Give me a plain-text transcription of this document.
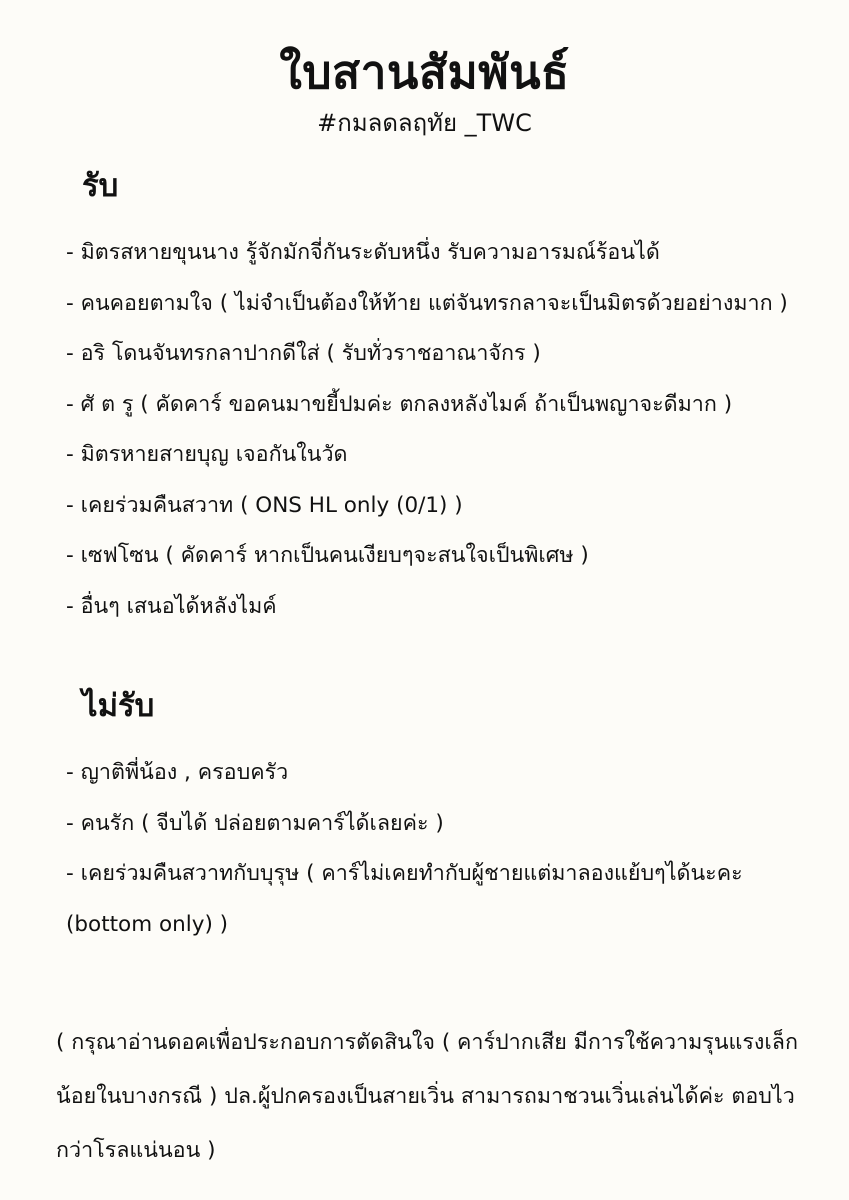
ใบสานสัมพันธ์
#กมลดลฤทัย _TWC
รับ
- มิตรสหายขุนนาง รู้จักมักจี่กันระดับหนึ่ง รับความอารมณ์ร้อนได้
- คนคอยตามใจ ( ไม่จำเป็นต้องให้ท้าย แต่จันทรกลาจะเป็นมิตรด้วยอย่างมาก )
- อริ โดนจันทรกลาปากดีใส่ ( รับทั่วราชอาณาจักร )
- ศั ต รู ( คัดคาร์ ขอคนมาขยี้ปมค่ะ ตกลงหลังไมค์ ถ้าเป็นพญาจะดีมาก )
- มิตรหายสายบุญ เจอกันในวัด
- เคยร่วมคืนสวาท ( ONS HL only (0/1) )
- เซฟโซน ( คัดคาร์ หากเป็นคนเงียบๆจะสนใจเป็นพิเศษ )
- อื่นๆ เสนอได้หลังไมค์
ไม่รับ
- ญาติพี่น้อง , ครอบครัว
- คนรัก ( จีบได้ ปล่อยตามคาร์ได้เลยค่ะ )
- เคยร่วมคืนสวาทกับบุรุษ ( คาร์ไม่เคยทำกับผู้ชายแต่มาลองแย้บๆได้นะคะ (bottom only) )

( กรุณาอ่านดอคเพื่อประกอบการตัดสินใจ ( คาร์ปากเสีย มีการใช้ความรุนแรงเล็กน้อยในบางกรณี ) ปล.ผู้ปกครองเป็นสายเวิ่น สามารถมาชวนเวิ่นเล่นได้ค่ะ ตอบไวกว่าโรลแน่นอน )
